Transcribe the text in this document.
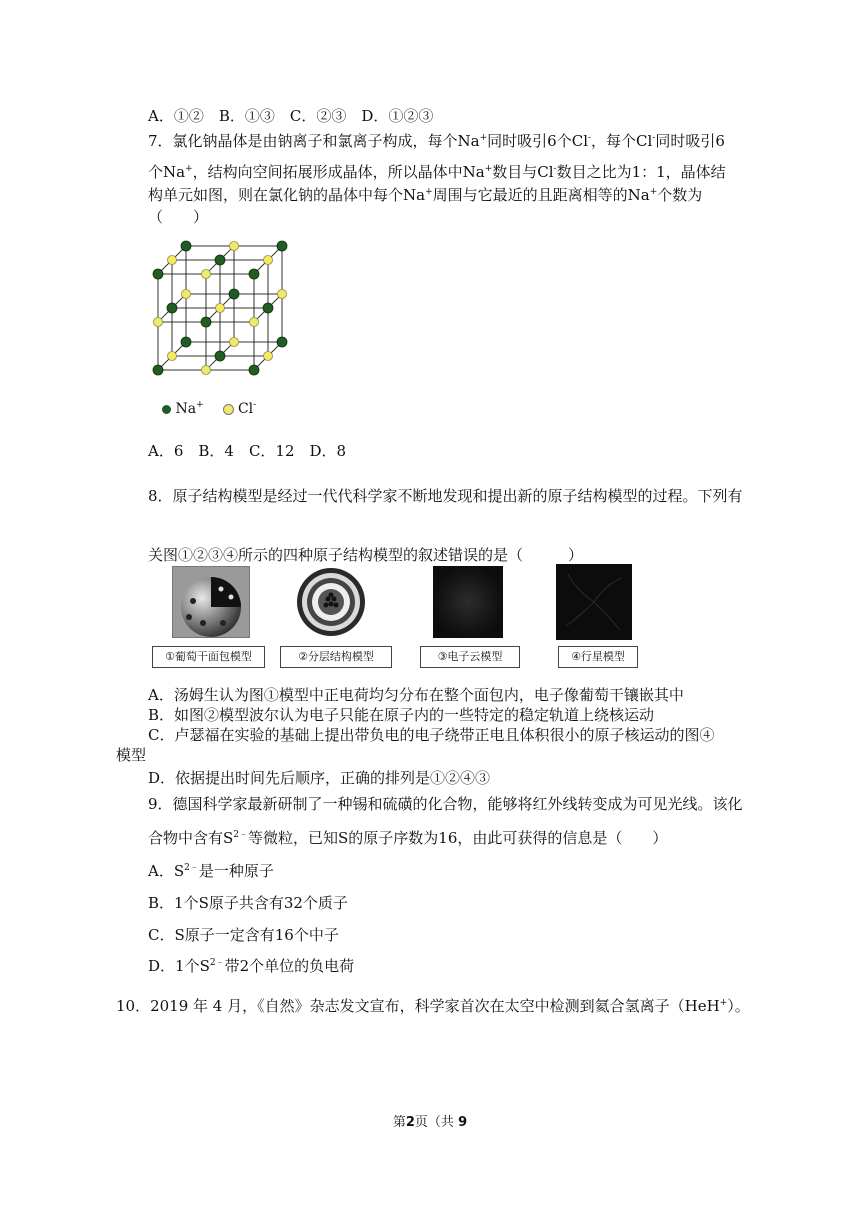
A．①②　B．①③　C．②③　D．①②③
7．氯化钠晶体是由钠离子和氯离子构成，每个Na+同时吸引6个Cl-，每个Cl-同时吸引6
个Na+，结构向空间拓展形成晶体，所以晶体中Na+数目与Cl-数目之比为1：1，晶体结
构单元如图，则在氯化钠的晶体中每个Na+周围与它最近的且距离相等的Na+个数为
（　　）
Na+ Cl-
A．6　B．4　C．12　D．8
8．原子结构模型是经过一代代科学家不断地发现和提出新的原子结构模型的过程。下列有
关图①②③④所示的四种原子结构模型的叙述错误的是（　　　）
①葡萄干面包模型	②分层结构模型	③电子云模型	④行星模型
A．汤姆生认为图①模型中正电荷均匀分布在整个面包内，电子像葡萄干镶嵌其中
B．如图②模型波尔认为电子只能在原子内的一些特定的稳定轨道上绕核运动
C．卢瑟福在实验的基础上提出带负电的电子绕带正电且体积很小的原子核运动的图④
模型
D．依据提出时间先后顺序，正确的排列是①②④③
9．德国科学家最新研制了一种锡和硫磺的化合物，能够将红外线转变成为可见光线。该化
合物中含有$S^{2﹣}$等微粒，已知S的原子序数为16，由此可获得的信息是（　　）
A．$S^{2﹣}$是一种原子
B．1个S原子共含有32个质子
C．S原子一定含有16个中子
D．1个$S^{2﹣}$带2个单位的负电荷
10．2019 年 4 月，《自然》杂志发文宣布，科学家首次在太空中检测到氦合氢离子（HeH+）。
第2页（共 9
